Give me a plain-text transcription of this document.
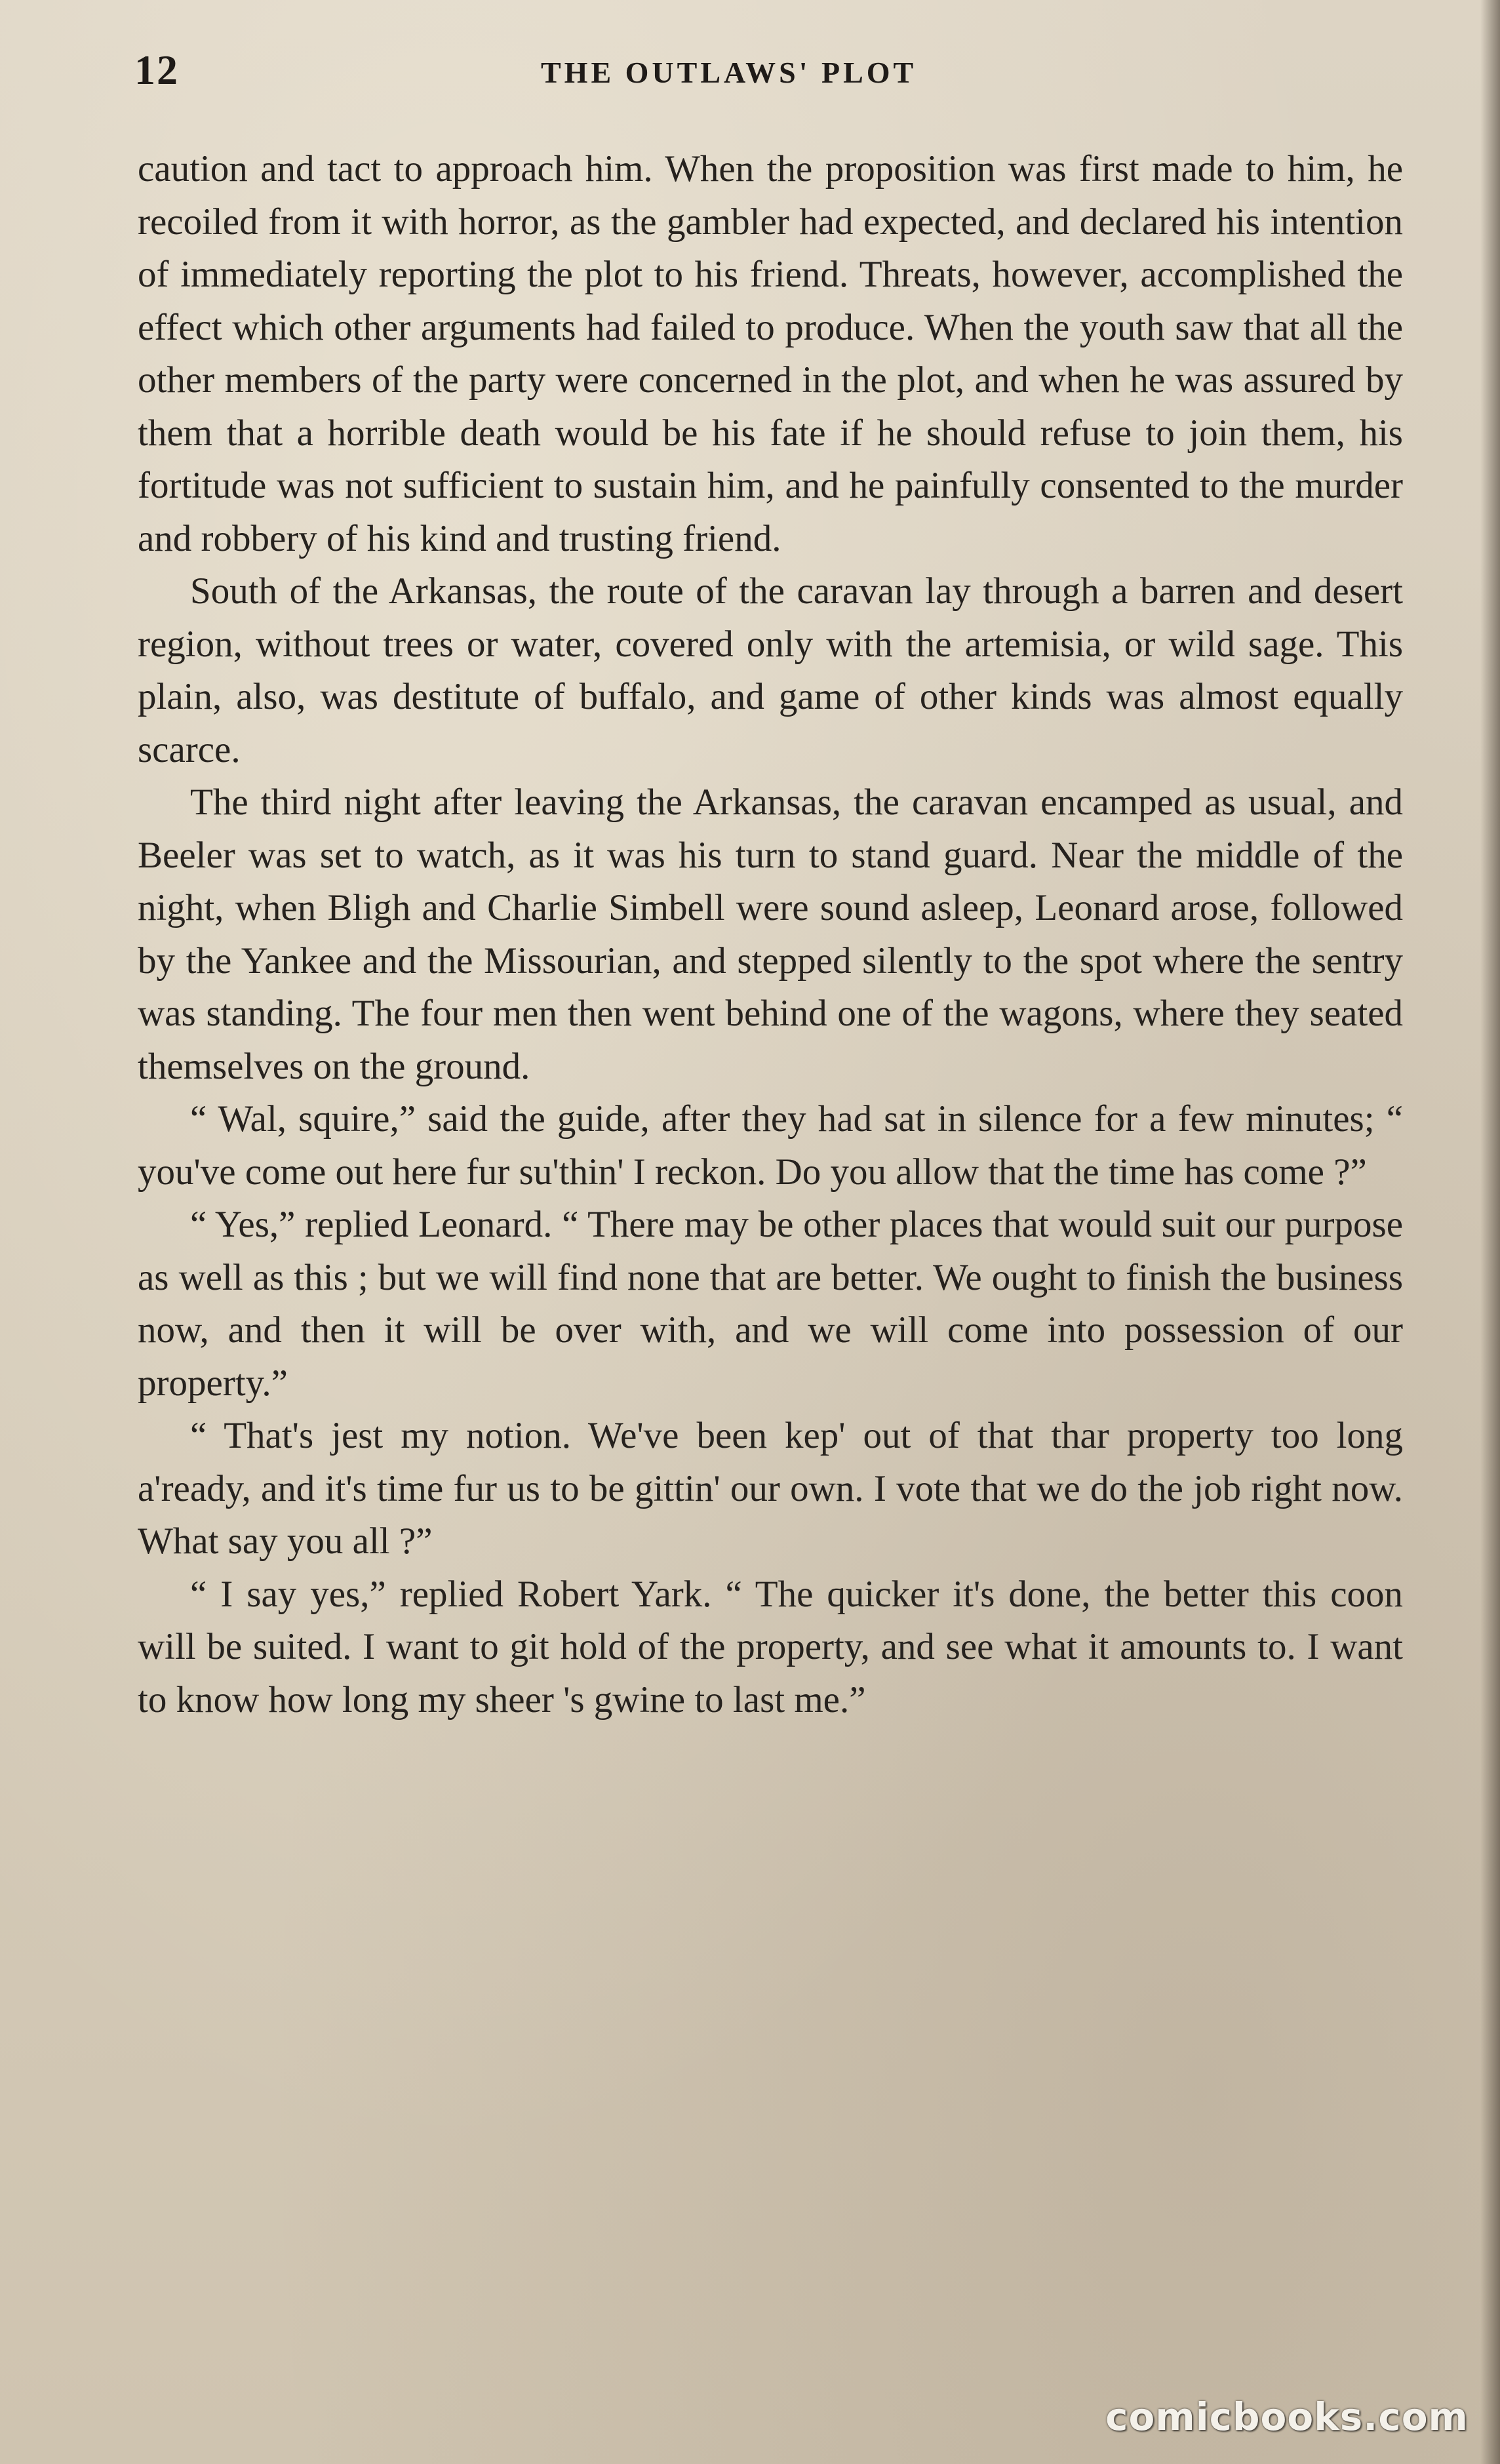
12	THE OUTLAWS' PLOT

caution and tact to approach him. When the proposition was first made to him, he recoiled from it with horror, as the gambler had expected, and declared his intention of immediately reporting the plot to his friend. Threats, however, accomplished the effect which other arguments had failed to produce. When the youth saw that all the other members of the party were concerned in the plot, and when he was assured by them that a horrible death would be his fate if he should refuse to join them, his fortitude was not sufficient to sustain him, and he painfully consented to the murder and robbery of his kind and trusting friend.

South of the Arkansas, the route of the caravan lay through a barren and desert region, without trees or water, covered only with the artemisia, or wild sage. This plain, also, was destitute of buffalo, and game of other kinds was almost equally scarce.

The third night after leaving the Arkansas, the caravan encamped as usual, and Beeler was set to watch, as it was his turn to stand guard. Near the middle of the night, when Bligh and Charlie Simbell were sound asleep, Leonard arose, followed by the Yankee and the Missourian, and stepped silently to the spot where the sentry was standing. The four men then went behind one of the wagons, where they seated themselves on the ground.

“ Wal, squire,” said the guide, after they had sat in silence for a few minutes; “ you've come out here fur su'thin' I reckon. Do you allow that the time has come ?”

“ Yes,” replied Leonard. “ There may be other places that would suit our purpose as well as this ; but we will find none that are better. We ought to finish the business now, and then it will be over with, and we will come into possession of our property.”

“ That's jest my notion. We've been kep' out of that thar property too long a'ready, and it's time fur us to be gittin' our own. I vote that we do the job right now. What say you all ?”

“ I say yes,” replied Robert Yark. “ The quicker it's done, the better this coon will be suited. I want to git hold of the property, and see what it amounts to. I want to know how long my sheer 's gwine to last me.”

comicbooks.com
